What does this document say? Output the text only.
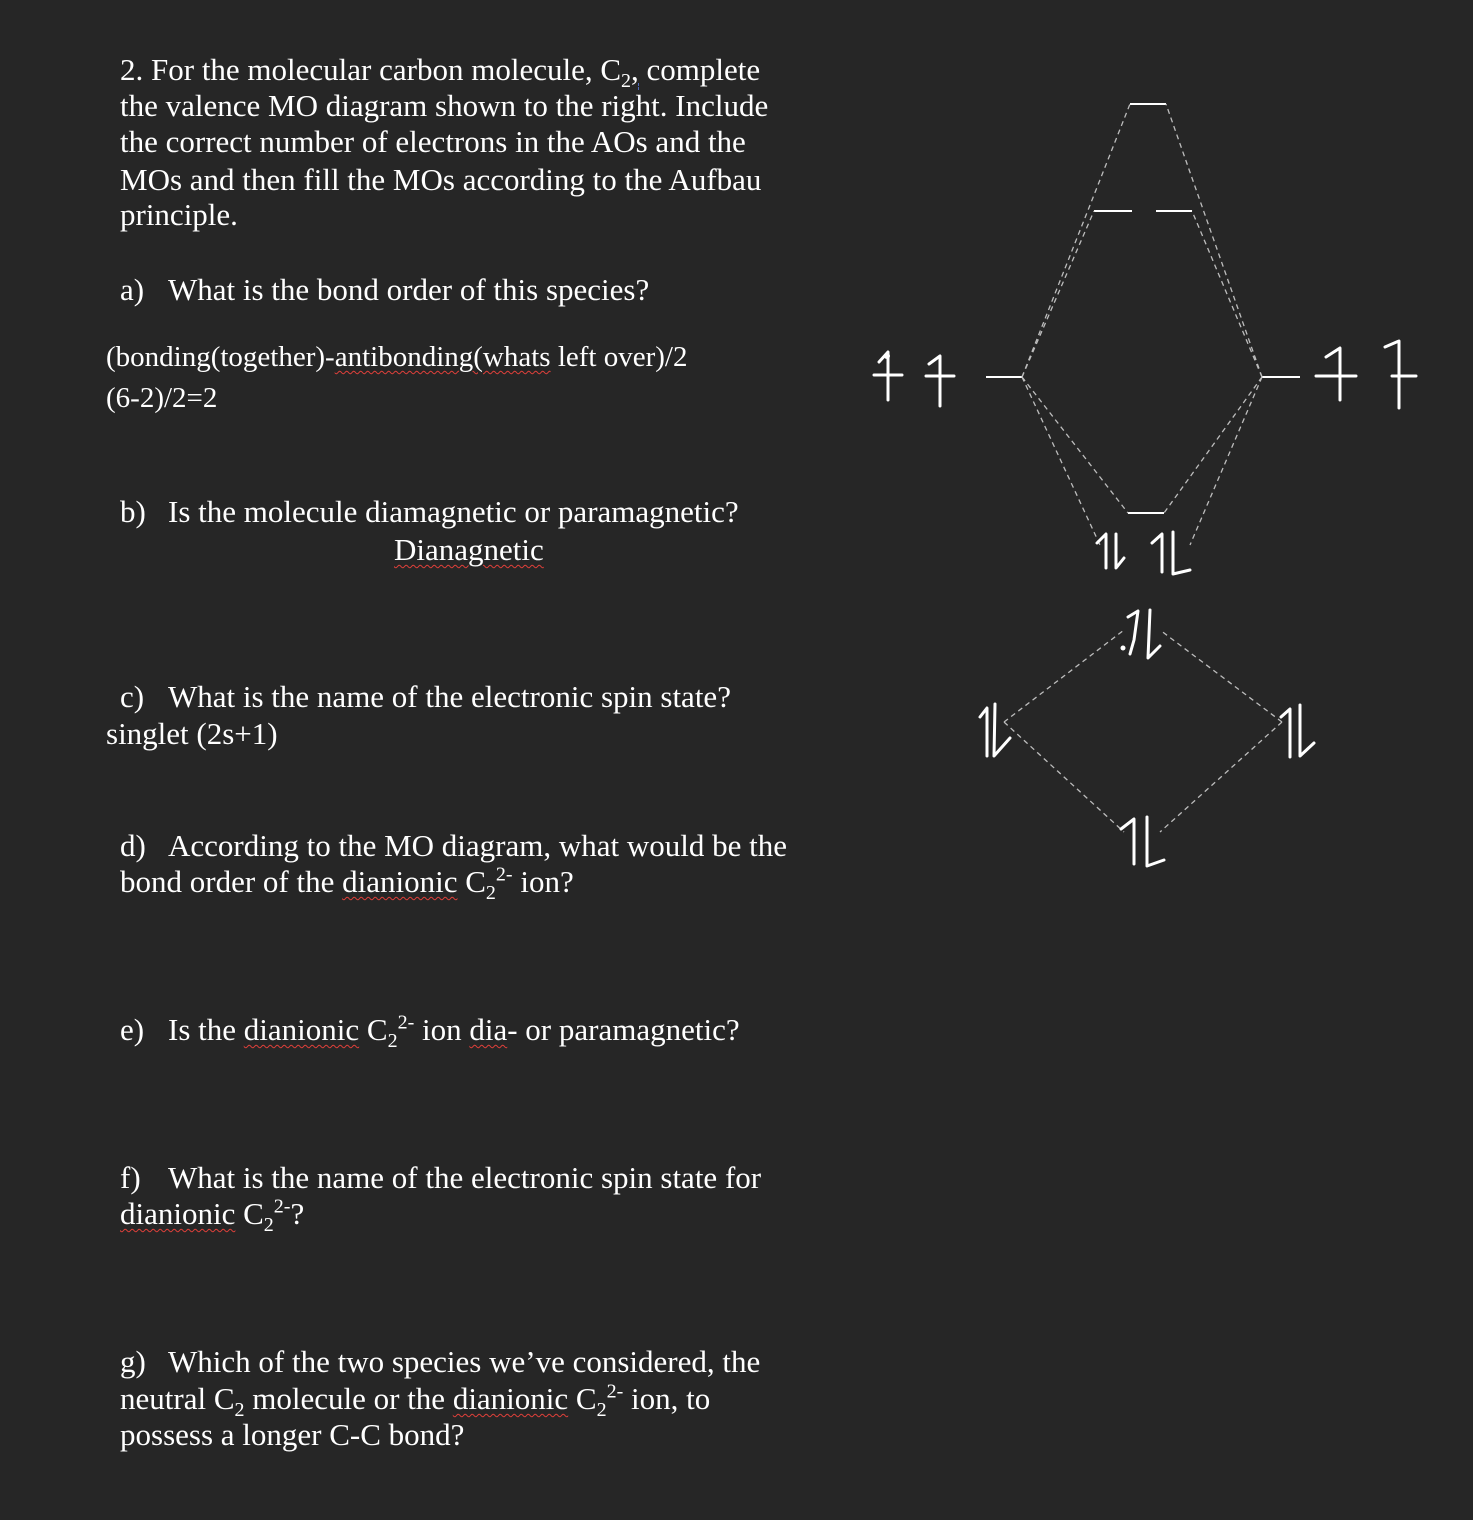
2. For the molecular carbon molecule, $C_2$, complete
the valence MO diagram shown to the right. Include
the correct number of electrons in the AOs and the
MOs and then fill the MOs according to the Aufbau
principle.
a) What is the bond order of this species?
(bonding(together)-antibonding(whats left over)/2
(6-2)/2=2
b) Is the molecule diamagnetic or paramagnetic?
Dianagnetic
c) What is the name of the electronic spin state?
singlet (2s+1)
d) According to the MO diagram, what would be the
bond order of the dianionic $C_2^{2-}$ ion?
e) Is the dianionic $C_2^{2-}$ ion dia- or paramagnetic?
f) What is the name of the electronic spin state for
dianionic $C_2^{2-}$?
g) Which of the two species we’ve considered, the
neutral $C_2$ molecule or the dianionic $C_2^{2-}$ ion, to
possess a longer C-C bond?
